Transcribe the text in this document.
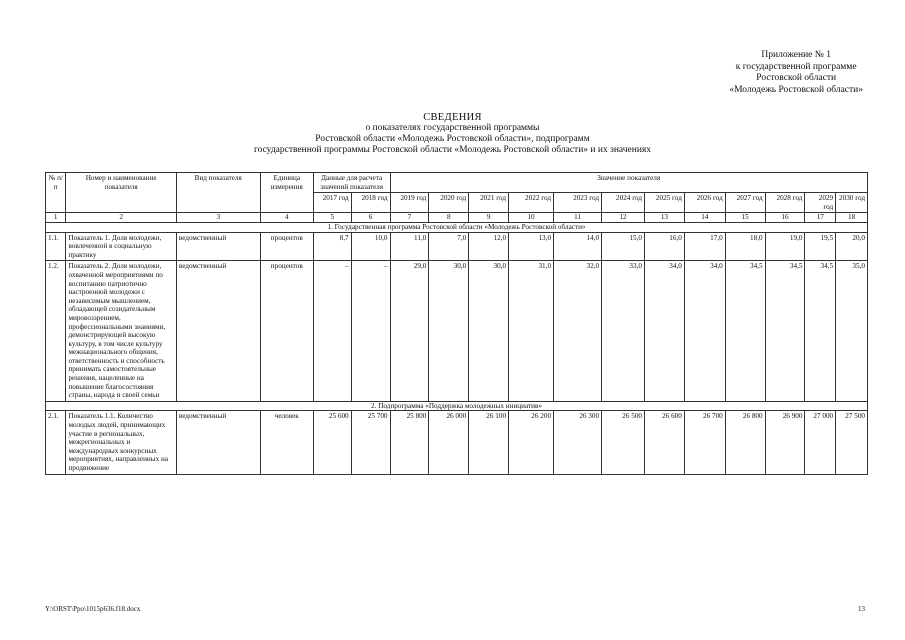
Приложение № 1
к государственной программе
Ростовской области
«Молодежь Ростовской области»
СВЕДЕНИЯ
о показателях государственной программы
Ростовской области «Молодежь Ростовской области», подпрограмм
государственной программы Ростовской области «Молодежь Ростовской области» и их значениях
№ п/п	Номер и наименование показателя	Вид показателя	Единица измерения	Данные для расчета значений показателя		Значение показателя											
				2017 год	2018 год	2019 год	2020 год	2021 год	2022 год	2023 год	2024 год	2025 год	2026 год	2027 год	2028 год	2029 год	2030 год
1	2	3	4	5	6	7	8	9	10	11	12	13	14	15	16	17	18
1. Государственная программа Ростовской области «Молодежь Ростовской области»																	
1.1.	Показатель 1. Доля молодежи, вовлеченной в социальную практику	ведомственный	процентов	8,7	10,0	11,0	7,0	12,0	13,0	14,0	15,0	16,0	17,0	18,0	19,0	19,5	20,0
1.2.	Показатель 2. Доля молодежи, охваченной мероприятиями по воспитанию патриотично настроенной молодежи с независимым мышлением, обладающей созидательным мировоззрением, профессиональными знаниями, демонстрирующей высокую культуру, в том числе культуру межнационального общения, ответственность и способность принимать самостоятельные решения, нацеленные на повышение благосостояния страны, народа и своей семьи	ведомственный	процентов	–	–	29,0	30,0	30,0	31,0	32,0	33,0	34,0	34,0	34,5	34,5	34,5	35,0
2. Подпрограмма «Поддержка молодежных инициатив»																	
2.1.	Показатель 1.1. Количество молодых людей, принимающих участие в региональных, межрегиональных и международных конкурсных мероприятиях, направленных на продвижение	ведомственный	человек	25 600	25 700	25 800	26 000	26 100	26 200	26 300	26 500	26 600	26 700	26 800	26 900	27 000	27 500
Y:\ORST\Ppo\1015p636.f18.docx	13
